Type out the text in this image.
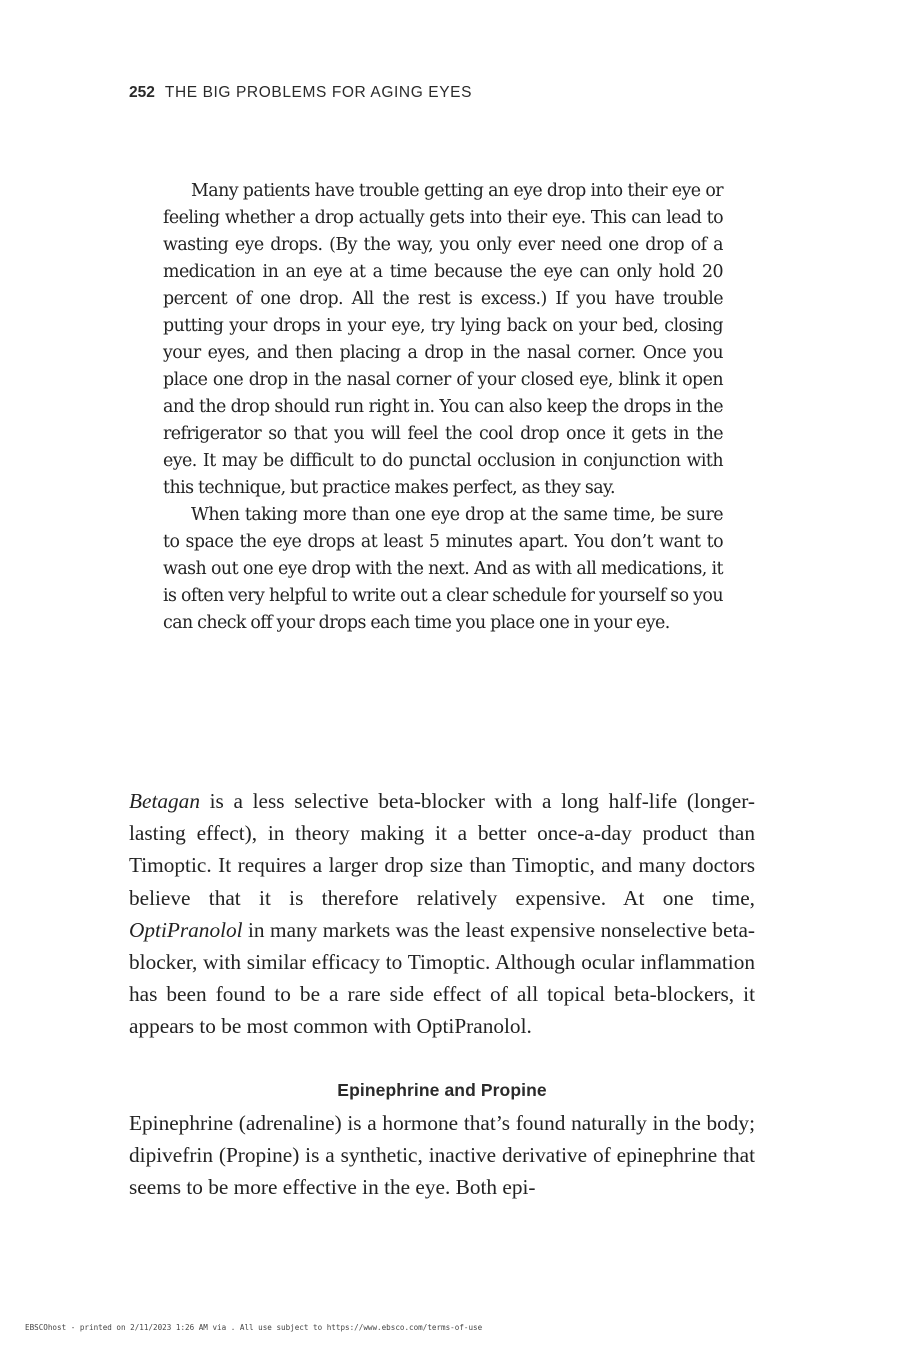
252 THE BIG PROBLEMS FOR AGING EYES

Many patients have trouble getting an eye drop into their eye or feeling whether a drop actually gets into their eye. This can lead to wasting eye drops. (By the way, you only ever need one drop of a medication in an eye at a time because the eye can only hold 20 percent of one drop. All the rest is excess.) If you have trouble putting your drops in your eye, try lying back on your bed, closing your eyes, and then placing a drop in the nasal corner. Once you place one drop in the nasal corner of your closed eye, blink it open and the drop should run right in. You can also keep the drops in the refrigerator so that you will feel the cool drop once it gets in the eye. It may be difficult to do punctal occlusion in conjunction with this technique, but practice makes perfect, as they say.

When taking more than one eye drop at the same time, be sure to space the eye drops at least 5 minutes apart. You don’t want to wash out one eye drop with the next. And as with all medications, it is often very helpful to write out a clear schedule for yourself so you can check off your drops each time you place one in your eye.

Betagan is a less selective beta-blocker with a long half-life (longer-lasting effect), in theory making it a better once-a-day product than Timoptic. It requires a larger drop size than Timoptic, and many doctors believe that it is therefore relatively expensive. At one time, OptiPranolol in many markets was the least expensive nonselective beta-blocker, with similar efficacy to Timoptic. Although ocular inflammation has been found to be a rare side effect of all topical beta-blockers, it appears to be most common with OptiPranolol.

Epinephrine and Propine

Epinephrine (adrenaline) is a hormone that’s found naturally in the body; dipivefrin (Propine) is a synthetic, inactive derivative of epinephrine that seems to be more effective in the eye. Both epi-

EBSCOhost - printed on 2/11/2023 1:26 AM via . All use subject to https://www.ebsco.com/terms-of-use
